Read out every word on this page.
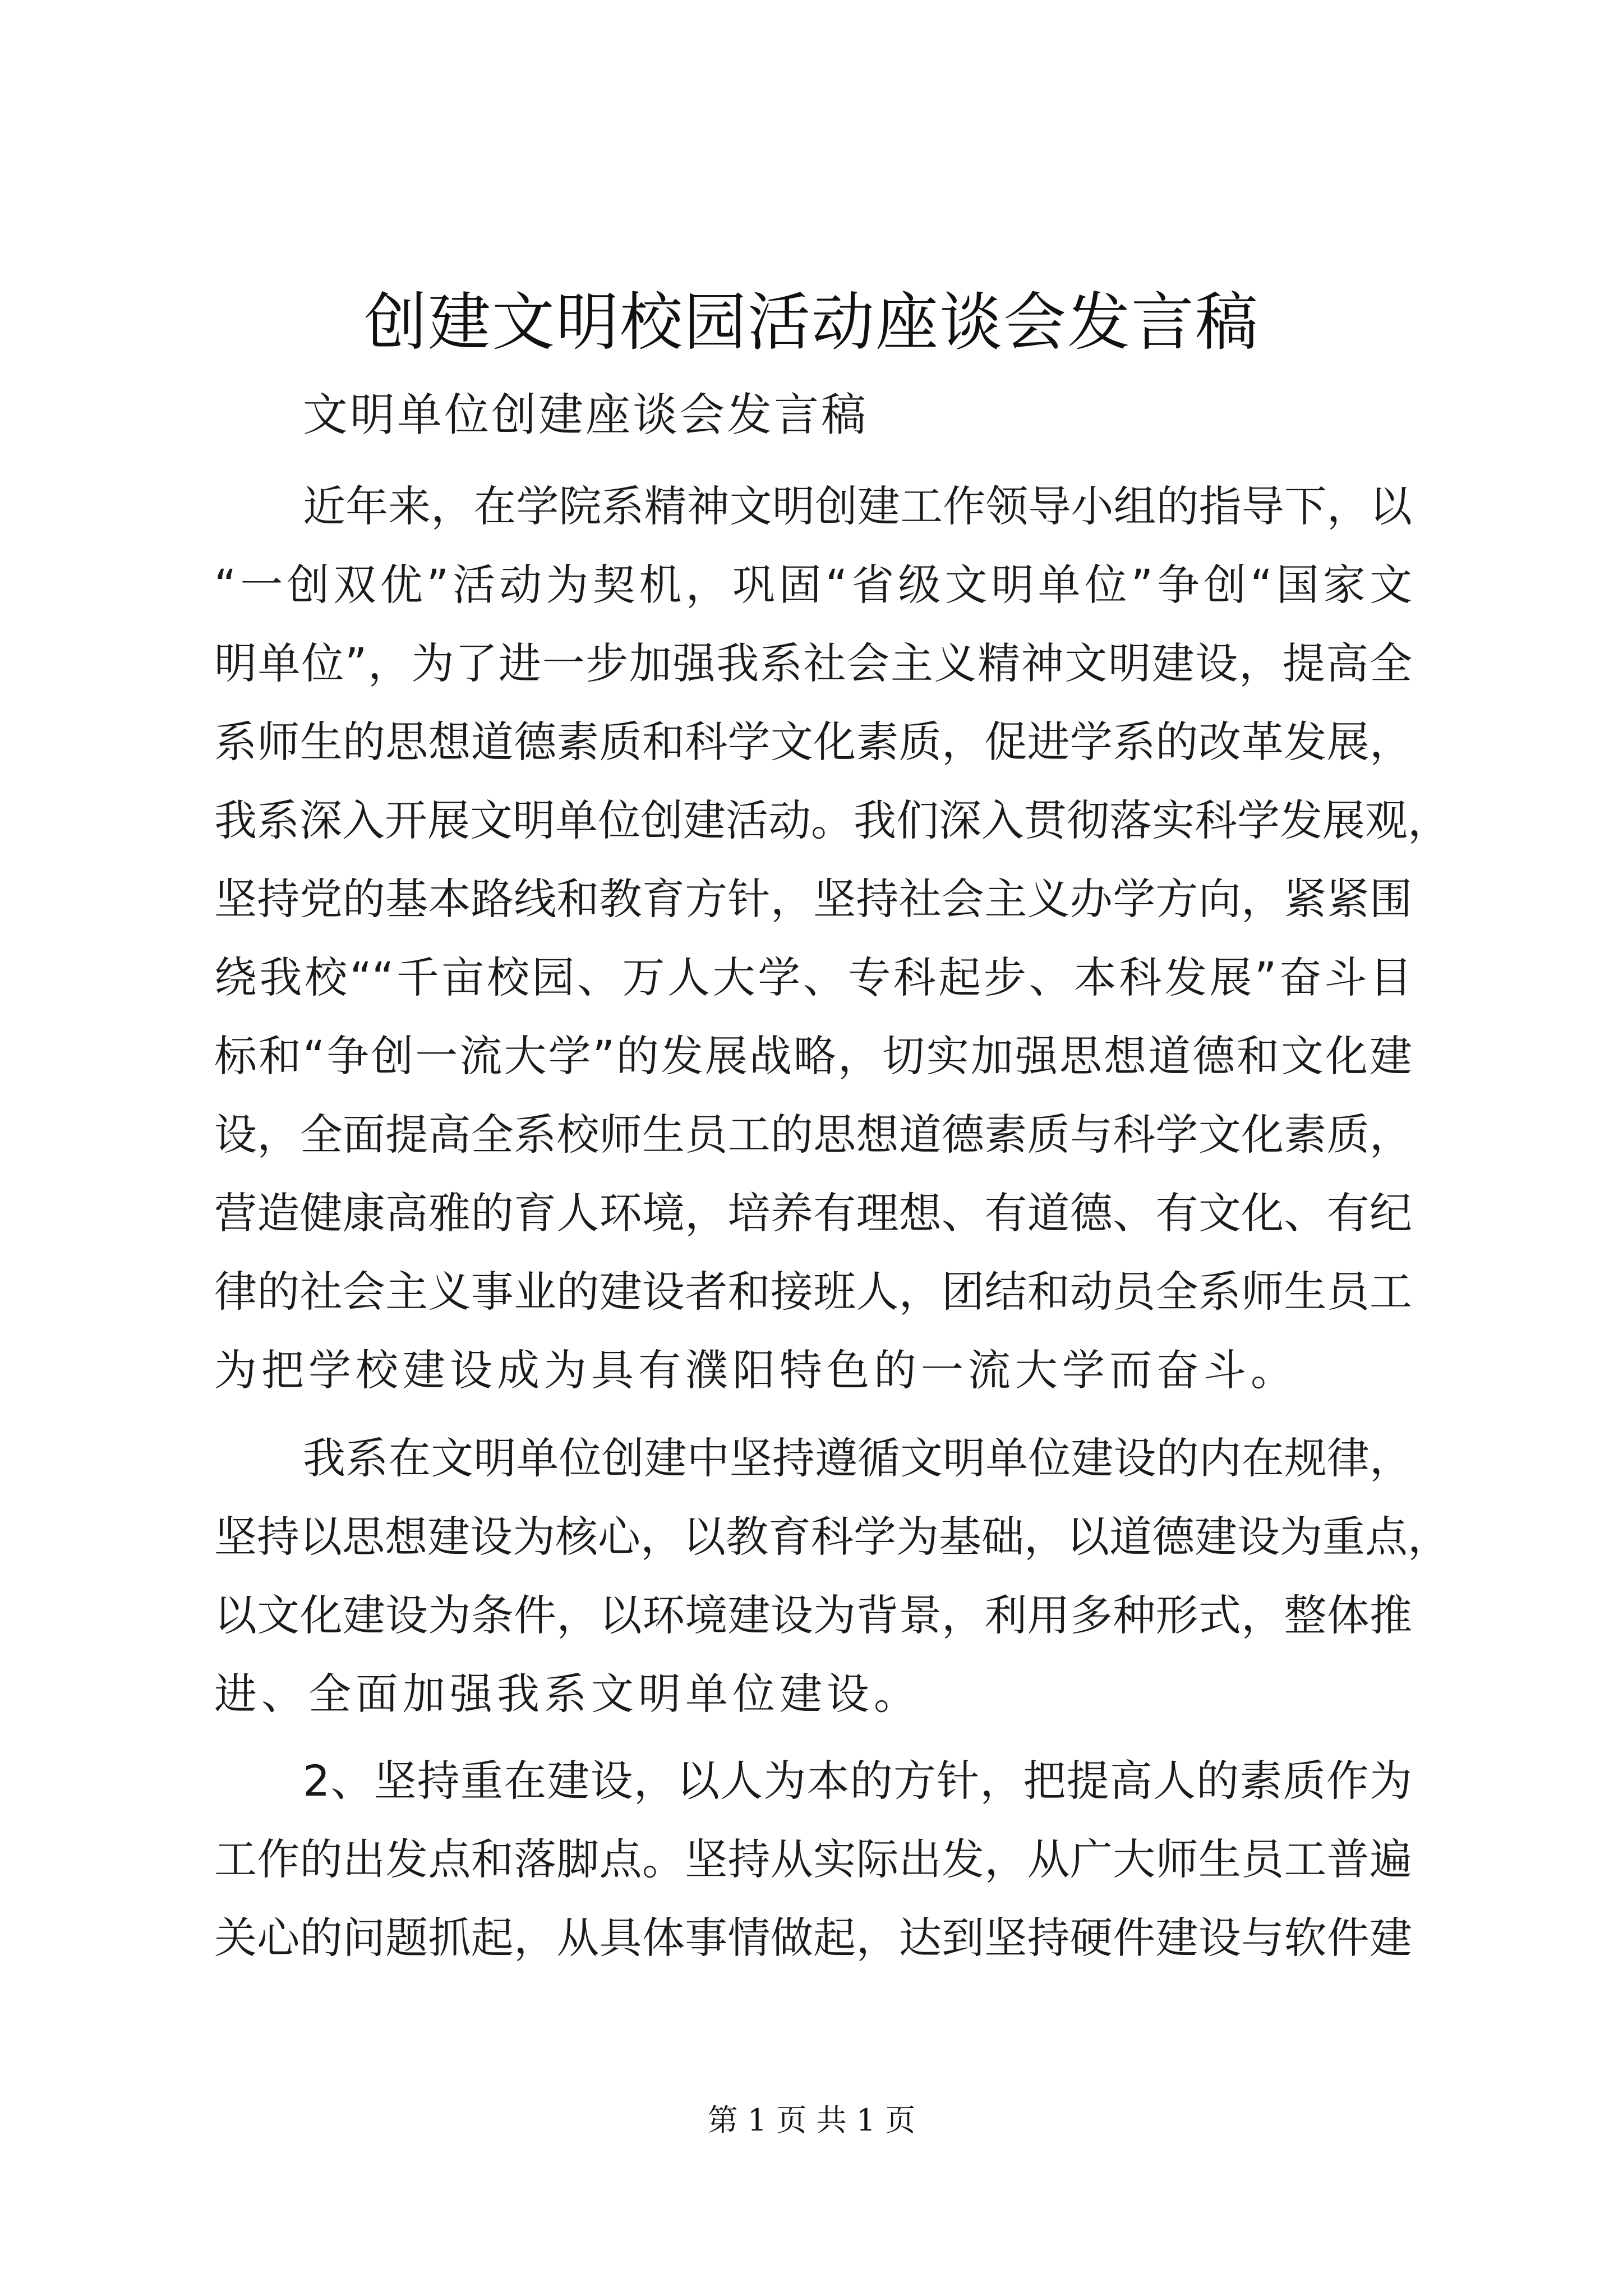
创建文明校园活动座谈会发言稿

文明单位创建座谈会发言稿

近年来，在学院系精神文明创建工作领导小组的指导下，以

“一创双优”活动为契机，巩固“省级文明单位”争创“国家文

明单位”，为了进一步加强我系社会主义精神文明建设，提高全

系师生的思想道德素质和科学文化素质，促进学系的改革发展，

我系深入开展文明单位创建活动。我们深入贯彻落实科学发展观，

坚持党的基本路线和教育方针，坚持社会主义办学方向，紧紧围

绕我校““千亩校园、万人大学、专科起步、本科发展”奋斗目

标和“争创一流大学”的发展战略，切实加强思想道德和文化建

设，全面提高全系校师生员工的思想道德素质与科学文化素质，

营造健康高雅的育人环境，培养有理想、有道德、有文化、有纪

律的社会主义事业的建设者和接班人，团结和动员全系师生员工

为把学校建设成为具有濮阳特色的一流大学而奋斗。

我系在文明单位创建中坚持遵循文明单位建设的内在规律，

坚持以思想建设为核心，以教育科学为基础，以道德建设为重点，

以文化建设为条件，以环境建设为背景，利用多种形式，整体推

进、全面加强我系文明单位建设。

2、坚持重在建设，以人为本的方针，把提高人的素质作为

工作的出发点和落脚点。坚持从实际出发，从广大师生员工普遍

关心的问题抓起，从具体事情做起，达到坚持硬件建设与软件建

第 1 页 共 1 页
